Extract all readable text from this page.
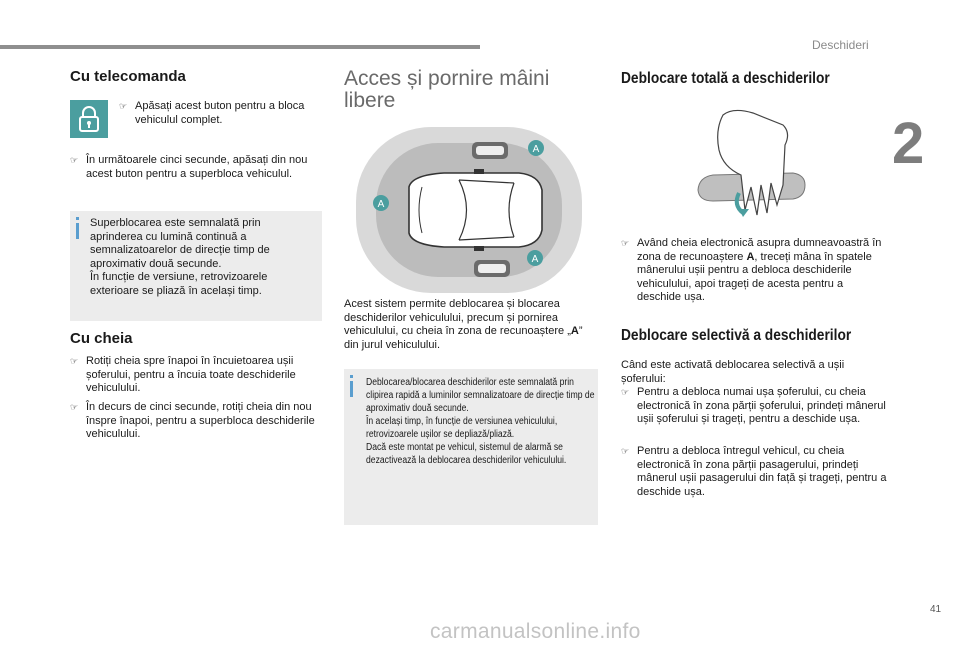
Deschideri
2
Cu telecomanda
☞ Apăsați acest buton pentru a bloca vehiculul complet.
☞ În următoarele cinci secunde, apăsați din nou acest buton pentru a superbloca vehiculul.
Superblocarea este semnalată prin aprinderea cu lumină continuă a semnalizatoarelor de direcție timp de aproximativ două secunde.
În funcție de versiune, retrovizoarele exterioare se pliază în același timp.
Cu cheia
☞ Rotiți cheia spre înapoi în încuietoarea ușii șoferului, pentru a încuia toate deschiderile vehiculului.
☞ În decurs de cinci secunde, rotiți cheia din nou înspre înapoi, pentru a superbloca deschiderile vehiculului.
Acces și pornire mâini libere
A
A
A
Acest sistem permite deblocarea și blocarea deschiderilor vehiculului, precum și pornirea vehiculului, cu cheia în zona de recunoaștere „A” din jurul vehiculului.
Deblocarea/blocarea deschiderilor este semnalată prin clipirea rapidă a luminilor semnalizatoare de direcție timp de aproximativ două secunde.
În același timp, în funcție de versiunea vehiculului, retrovizoarele ușilor se depliază/pliază.
Dacă este montat pe vehicul, sistemul de alarmă se dezactivează la deblocarea deschiderilor vehiculului.
Deblocare totală a deschiderilor
☞ Având cheia electronică asupra dumneavoastră în zona de recunoaștere A, treceți mâna în spatele mânerului ușii pentru a debloca deschiderile vehiculului, apoi trageți de acesta pentru a deschide ușa.
Deblocare selectivă a deschiderilor
Când este activată deblocarea selectivă a ușii șoferului:
☞ Pentru a debloca numai ușa șoferului, cu cheia electronică în zona părții șoferului, prindeți mânerul ușii șoferului și trageți, pentru a deschide ușa.
☞ Pentru a debloca întregul vehicul, cu cheia electronică în zona părții pasagerului, prindeți mânerul ușii pasagerului din față și trageți, pentru a deschide ușa.
41
carmanualsonline.info
